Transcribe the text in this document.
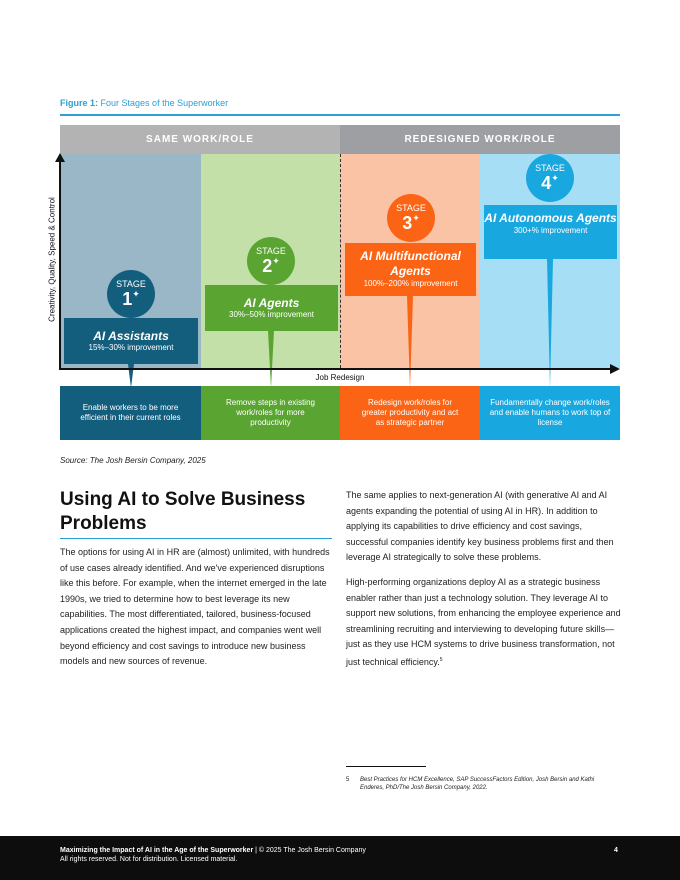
Figure 1: Four Stages of the Superworker
SAME WORK/ROLE	REDESIGNED WORK/ROLE
STAGE
1✦
AI Assistants
15%–30% improvement
STAGE
2✦
AI Agents
30%–50% improvement
STAGE
3✦
AI Multifunctional Agents
100%–200% improvement
STAGE
4✦
AI Autonomous Agents
300+% improvement
Creativity, Quality, Speed & Control
Job Redesign
Enable workers to be more efficient in their current roles
Remove steps in existing work/roles for more productivity
Redesign work/roles for greater productivity and act as strategic partner
Fundamentally change work/roles and enable humans to work top of license
Source: The Josh Bersin Company, 2025
Using AI to Solve Business Problems
The options for using AI in HR are (almost) unlimited, with hundreds of use cases already identified. And we've experienced disruptions like this before. For example, when the internet emerged in the late 1990s, we tried to determine how to best leverage its new capabilities. The most differentiated, tailored, business-focused applications created the highest impact, and companies went well beyond efficiency and cost savings to introduce new business models and new sources of revenue.
The same applies to next-generation AI (with generative AI and AI agents expanding the potential of using AI in HR). In addition to applying its capabilities to drive efficiency and cost savings, successful companies identify key business problems first and then leverage AI strategically to solve these problems.
High-performing organizations deploy AI as a strategic business enabler rather than just a technology solution. They leverage AI to support new solutions, from enhancing the employee experience and streamlining recruiting and interviewing to developing future skills—just as they use HCM systems to drive business transformation, not just technical efficiency.$^5$
5 Best Practices for HCM Excellence, SAP SuccessFactors Edition, Josh Bersin and Kathi Enderes, PhD/The Josh Bersin Company, 2022.
Maximizing the Impact of AI in the Age of the Superworker | © 2025 The Josh Bersin Company
All rights reserved. Not for distribution. Licensed material.
4
